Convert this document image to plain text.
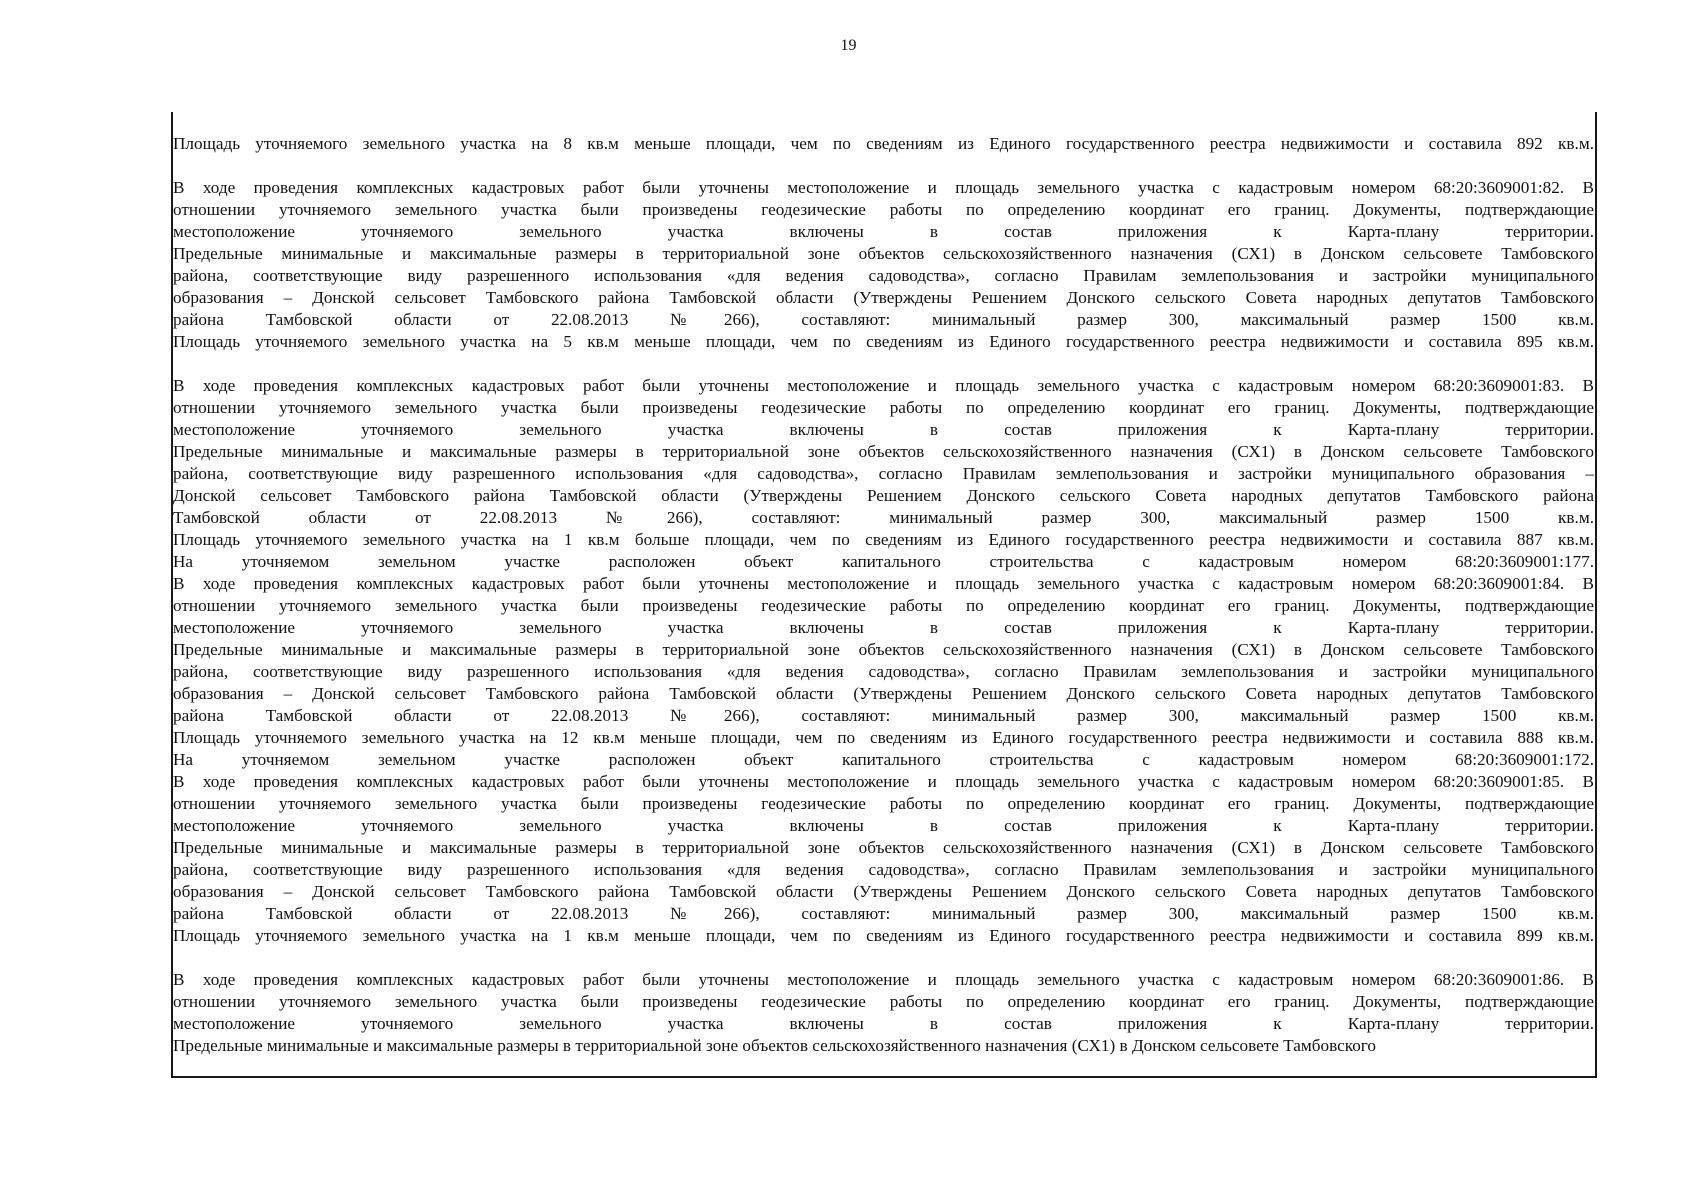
19
Площадь уточняемого земельного участка на 8 кв.м меньше площади, чем по сведениям из Единого государственного реестра недвижимости и составила 892 кв.м.
В ходе проведения комплексных кадастровых работ были уточнены местоположение и площадь земельного участка с кадастровым номером 68:20:3609001:82. В
отношении уточняемого земельного участка были произведены геодезические работы по определению координат его границ. Документы, подтверждающие
местоположение уточняемого земельного участка включены в состав приложения к Карта-плану территории.
Предельные минимальные и максимальные размеры в территориальной зоне объектов сельскохозяйственного назначения (СХ1) в Донском сельсовете Тамбовского
района, соответствующие виду разрешенного использования «для ведения садоводства», согласно Правилам землепользования и застройки муниципального
образования – Донской сельсовет Тамбовского района Тамбовской области (Утверждены Решением Донского сельского Совета народных депутатов Тамбовского
района Тамбовской области от 22.08.2013 №266), составляют: минимальный размер 300, максимальный размер 1500 кв.м.
Площадь уточняемого земельного участка на 5 кв.м меньше площади, чем по сведениям из Единого государственного реестра недвижимости и составила 895 кв.м.
В ходе проведения комплексных кадастровых работ были уточнены местоположение и площадь земельного участка с кадастровым номером 68:20:3609001:83. В
отношении уточняемого земельного участка были произведены геодезические работы по определению координат его границ. Документы, подтверждающие
местоположение уточняемого земельного участка включены в состав приложения к Карта-плану территории.
Предельные минимальные и максимальные размеры в территориальной зоне объектов сельскохозяйственного назначения (СХ1) в Донском сельсовете Тамбовского
района, соответствующие виду разрешенного использования «для садоводства», согласно Правилам землепользования и застройки муниципального образования –
Донской сельсовет Тамбовского района Тамбовской области (Утверждены Решением Донского сельского Совета народных депутатов Тамбовского района
Тамбовской области от 22.08.2013 №266), составляют: минимальный размер 300, максимальный размер 1500 кв.м.
Площадь уточняемого земельного участка на 1 кв.м больше площади, чем по сведениям из Единого государственного реестра недвижимости и составила 887 кв.м.
На уточняемом земельном участке расположен объект капитального строительства с кадастровым номером 68:20:3609001:177.
В ходе проведения комплексных кадастровых работ были уточнены местоположение и площадь земельного участка с кадастровым номером 68:20:3609001:84. В
отношении уточняемого земельного участка были произведены геодезические работы по определению координат его границ. Документы, подтверждающие
местоположение уточняемого земельного участка включены в состав приложения к Карта-плану территории.
Предельные минимальные и максимальные размеры в территориальной зоне объектов сельскохозяйственного назначения (СХ1) в Донском сельсовете Тамбовского
района, соответствующие виду разрешенного использования «для ведения садоводства», согласно Правилам землепользования и застройки муниципального
образования – Донской сельсовет Тамбовского района Тамбовской области (Утверждены Решением Донского сельского Совета народных депутатов Тамбовского
района Тамбовской области от 22.08.2013 №266), составляют: минимальный размер 300, максимальный размер 1500 кв.м.
Площадь уточняемого земельного участка на 12 кв.м меньше площади, чем по сведениям из Единого государственного реестра недвижимости и составила 888 кв.м.
На уточняемом земельном участке расположен объект капитального строительства с кадастровым номером 68:20:3609001:172.
В ходе проведения комплексных кадастровых работ были уточнены местоположение и площадь земельного участка с кадастровым номером 68:20:3609001:85. В
отношении уточняемого земельного участка были произведены геодезические работы по определению координат его границ. Документы, подтверждающие
местоположение уточняемого земельного участка включены в состав приложения к Карта-плану территории.
Предельные минимальные и максимальные размеры в территориальной зоне объектов сельскохозяйственного назначения (СХ1) в Донском сельсовете Тамбовского
района, соответствующие виду разрешенного использования «для ведения садоводства», согласно Правилам землепользования и застройки муниципального
образования – Донской сельсовет Тамбовского района Тамбовской области (Утверждены Решением Донского сельского Совета народных депутатов Тамбовского
района Тамбовской области от 22.08.2013 №266), составляют: минимальный размер 300, максимальный размер 1500 кв.м.
Площадь уточняемого земельного участка на 1 кв.м меньше площади, чем по сведениям из Единого государственного реестра недвижимости и составила 899 кв.м.
В ходе проведения комплексных кадастровых работ были уточнены местоположение и площадь земельного участка с кадастровым номером 68:20:3609001:86. В
отношении уточняемого земельного участка были произведены геодезические работы по определению координат его границ. Документы, подтверждающие
местоположение уточняемого земельного участка включены в состав приложения к Карта-плану территории.
Предельные минимальные и максимальные размеры в территориальной зоне объектов сельскохозяйственного назначения (СХ1) в Донском сельсовете Тамбовского
